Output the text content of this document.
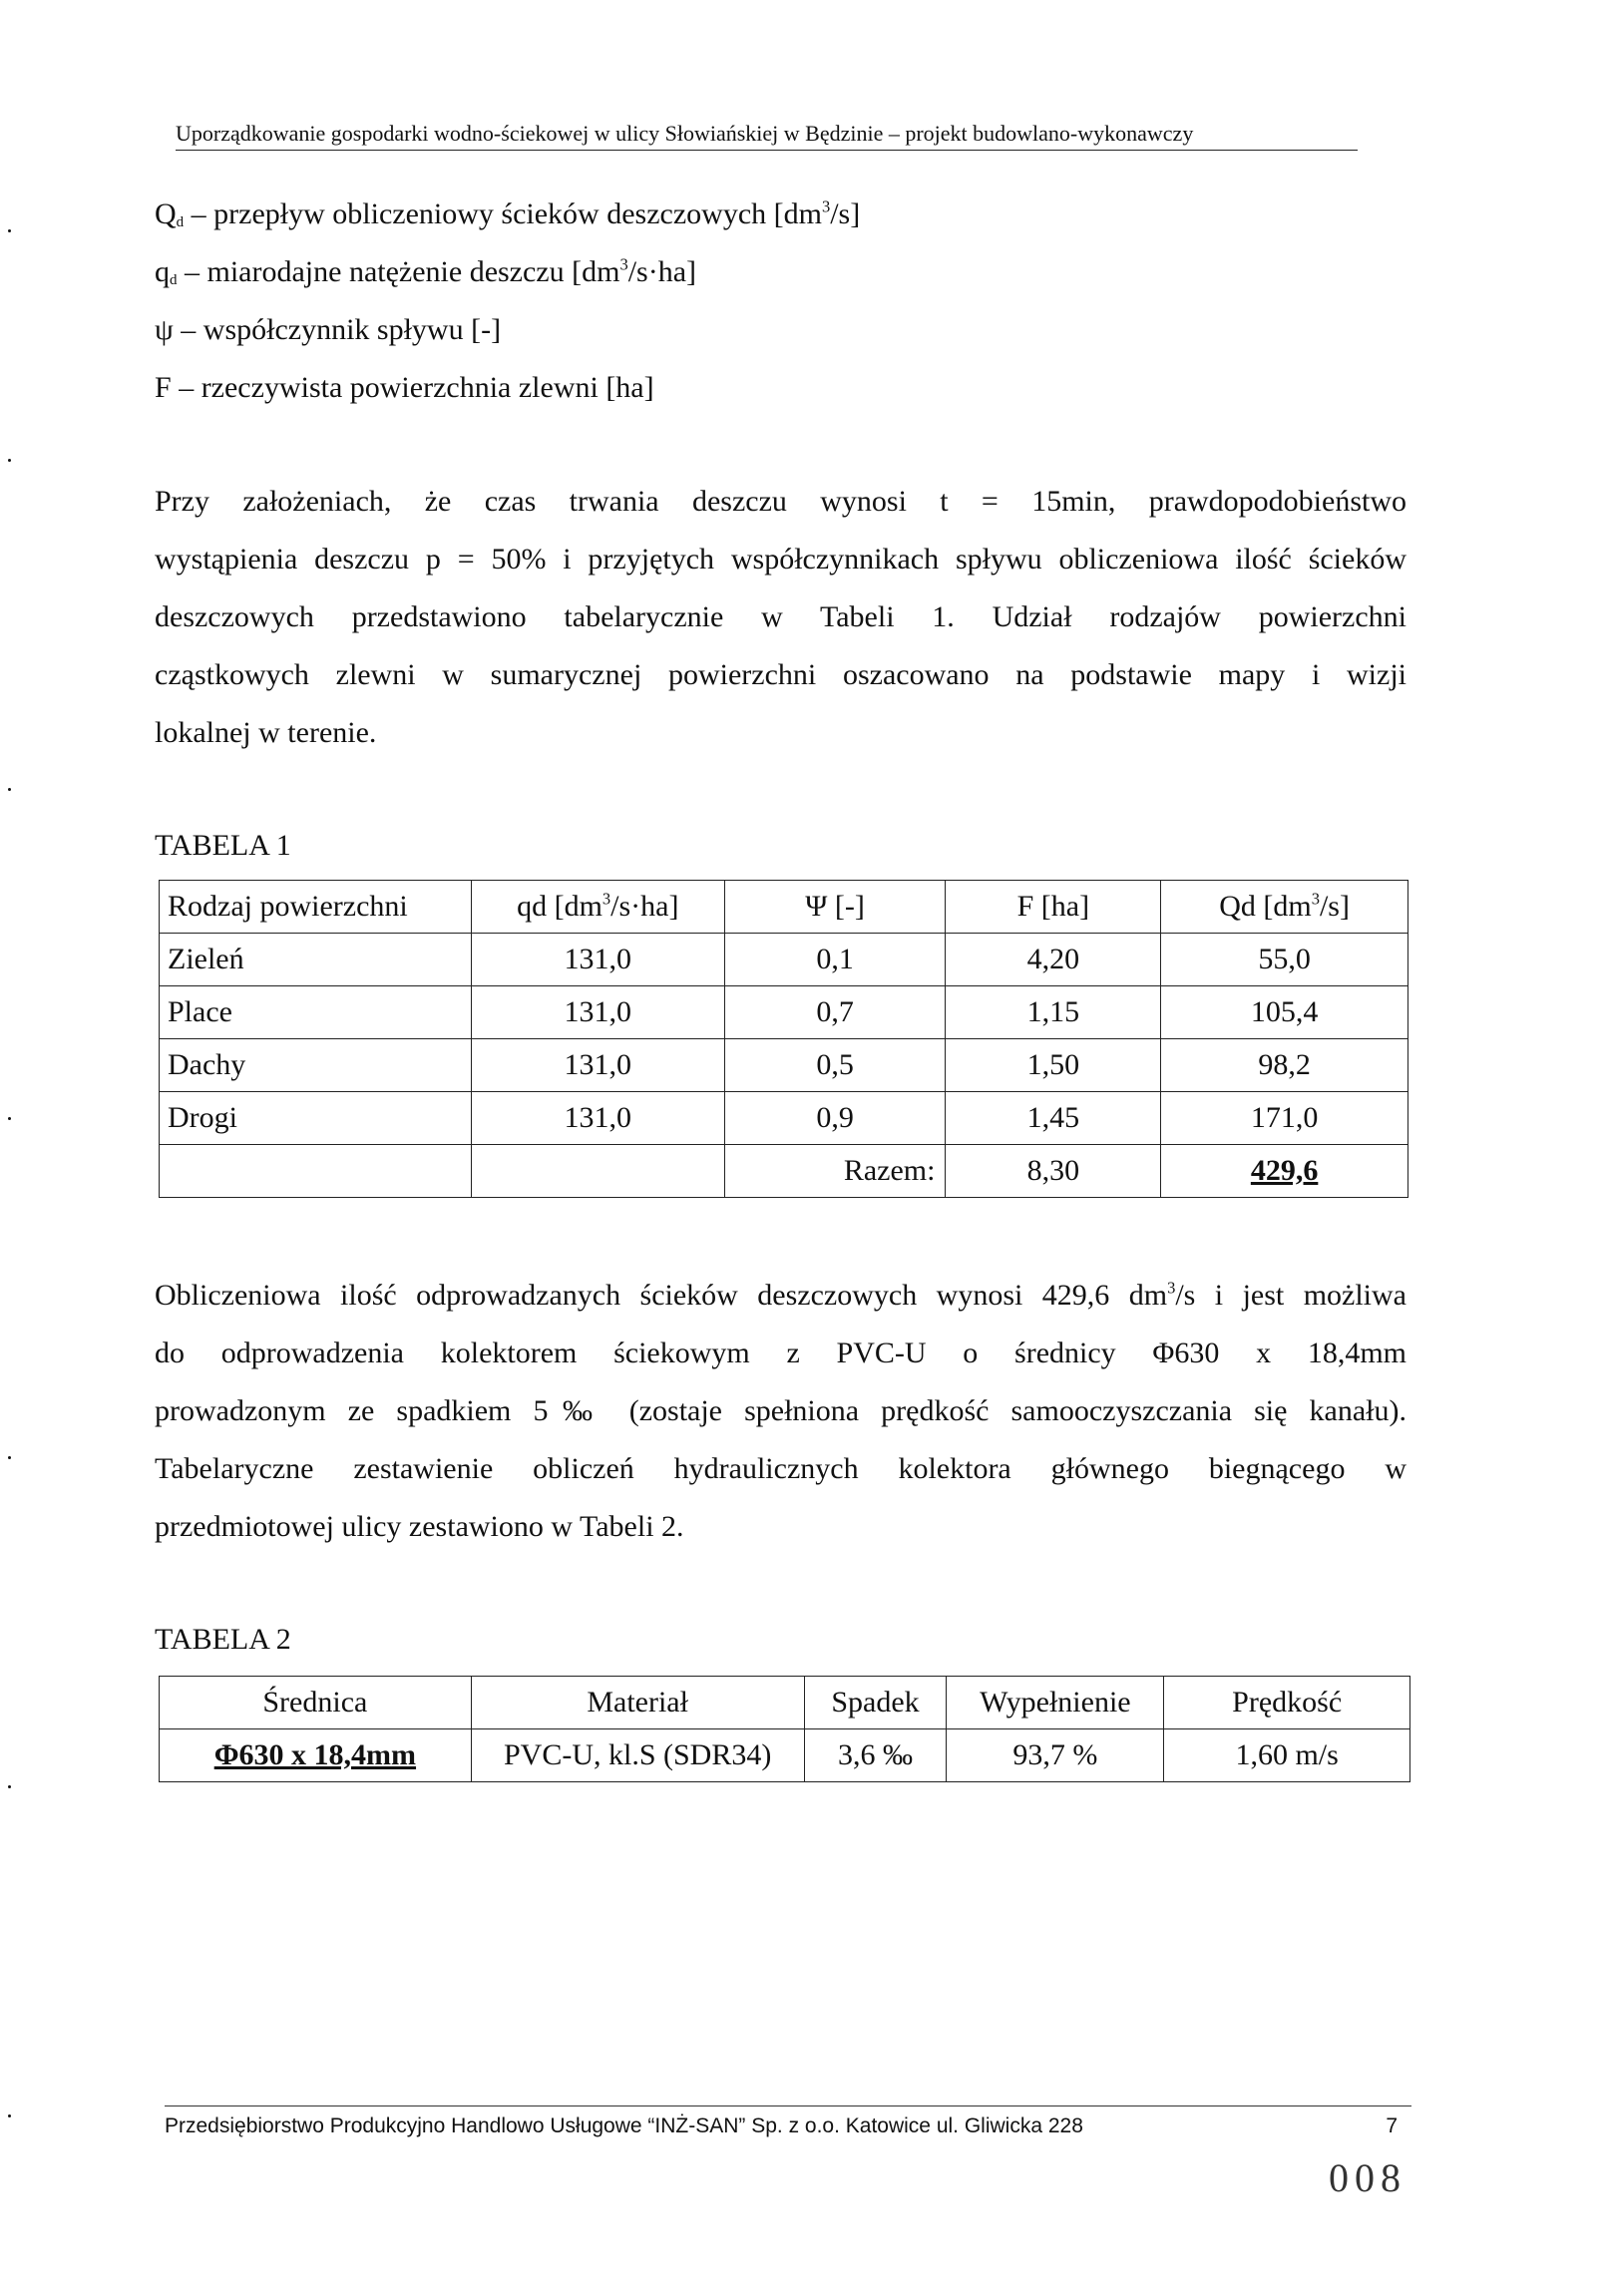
Uporządkowanie gospodarki wodno-ściekowej w ulicy Słowiańskiej w Będzinie – projekt budowlano-wykonawczy
$Q_d$ – przepływ obliczeniowy ścieków deszczowych $[dm^3/s]$
$q_d$ – miarodajne natężenie deszczu $[dm^3/s\cdot ha]$
ψ – współczynnik spływu [-]
F – rzeczywista powierzchnia zlewni [ha]
Przy założeniach, że czas trwania deszczu wynosi t = 15min, prawdopodobieństwo
wystąpienia deszczu p = 50% i przyjętych współczynnikach spływu obliczeniowa ilość ścieków
deszczowych przedstawiono tabelarycznie w Tabeli 1. Udział rodzajów powierzchni
cząstkowych zlewni w sumarycznej powierzchni oszacowano na podstawie mapy i wizji
lokalnej w terenie.
TABELA 1
Rodzaj powierzchni	qd $[dm^3/s\cdot ha]$	Ψ [-]	F [ha]	Qd $[dm^3/s]$
Zieleń	131,0	0,1	4,20	55,0
Place	131,0	0,7	1,15	105,4
Dachy	131,0	0,5	1,50	98,2
Drogi	131,0	0,9	1,45	171,0
		Razem:	8,30	429,6
Obliczeniowa ilość odprowadzanych ścieków deszczowych wynosi 429,6 $dm^3/s$ i jest możliwa
do odprowadzenia kolektorem ściekowym z PVC-U o średnicy Φ630 x 18,4mm
prowadzonym ze spadkiem 5‰ (zostaje spełniona prędkość samooczyszczania się kanału).
Tabelaryczne zestawienie obliczeń hydraulicznych kolektora głównego biegnącego w
przedmiotowej ulicy zestawiono w Tabeli 2.
TABELA 2
Średnica	Materiał	Spadek	Wypełnienie	Prędkość
Φ630 x 18,4mm	PVC-U, kl.S (SDR34)	3,6 ‰	93,7 %	1,60 m/s
Przedsiębiorstwo Produkcyjno Handlowo Usługowe “INŻ-SAN” Sp. z o.o. Katowice ul. Gliwicka 228	7
008
